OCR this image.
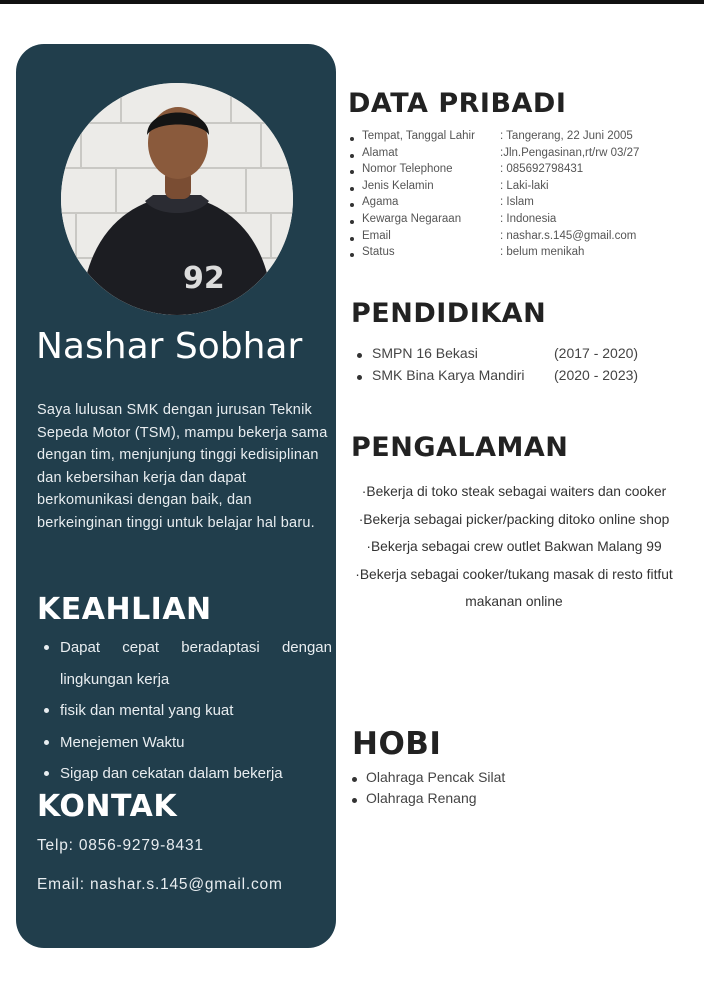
92
Nashar Sobhar
Saya lulusan SMK dengan jurusan Teknik Sepeda Motor (TSM), mampu bekerja sama dengan tim, menjunjung tinggi kedisiplinan dan kebersihan kerja dan dapat berkomunikasi dengan baik, dan berkeinginan tinggi untuk belajar hal baru.
KEAHLIAN
Dapat cepat beradaptasi dengan
lingkungan kerja
fisik dan mental yang kuat
Menejemen Waktu
Sigap dan cekatan dalam bekerja
KONTAK
Telp: 0856-9279-8431
Email: nashar.s.145@gmail.com
DATA PRIBADI
Tempat, Tanggal Lahir : Tangerang, 22 Juni 2005
Alamat	:Jln.Pengasinan,rt/rw 03/27
Nomor Telephone	: 085692798431
Jenis Kelamin	: Laki-laki
Agama	: Islam
Kewarga Negaraan	: Indonesia
Email	: nashar.s.145@gmail.com
Status	: belum menikah
PENDIDIKAN
SMPN 16 Bekasi	(2017 - 2020)
SMK Bina Karya Mandiri (2020 - 2023)
PENGALAMAN
·Bekerja di toko steak sebagai waiters dan cooker
·Bekerja sebagai picker/packing ditoko online shop
·Bekerja sebagai crew outlet Bakwan Malang 99
·Bekerja sebagai cooker/tukang masak di resto fitfut makanan online
HOBI
Olahraga Pencak Silat
Olahraga Renang
